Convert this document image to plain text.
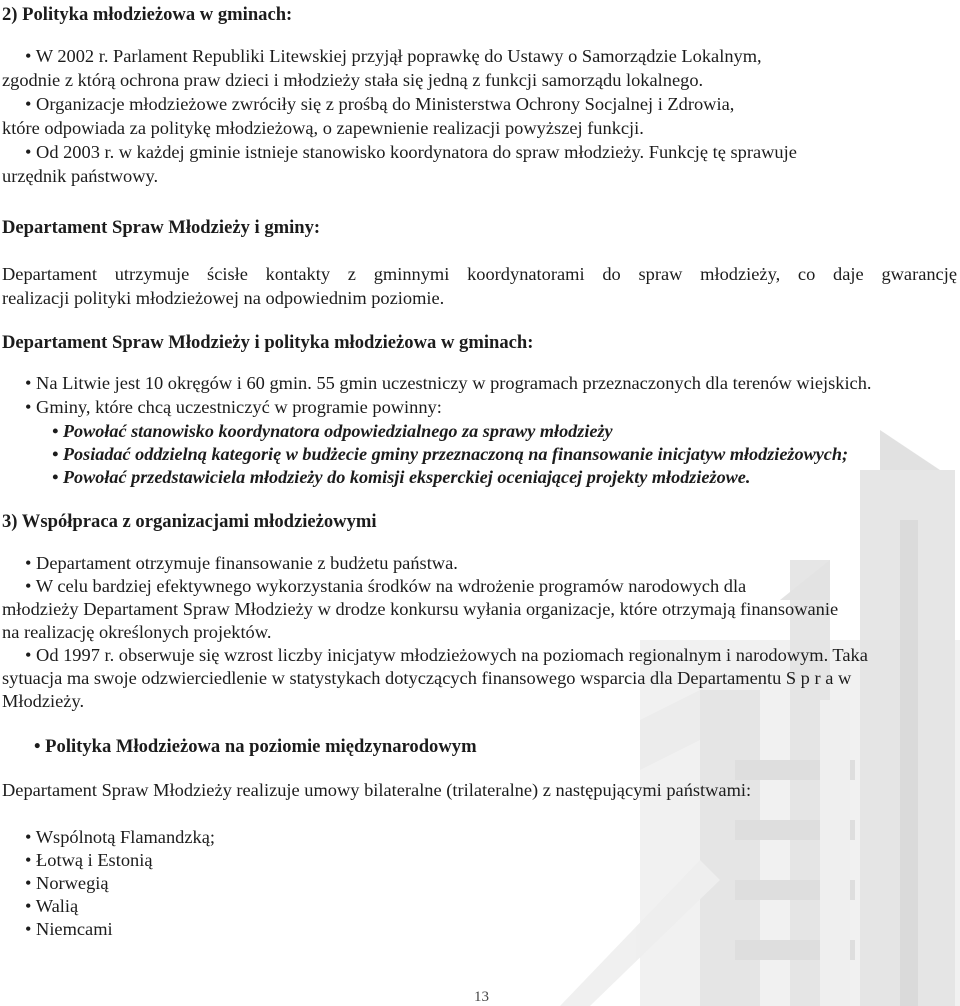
2) Polityka młodzieżowa w gminach:

• W 2002 r. Parlament Republiki Litewskiej przyjął poprawkę do Ustawy o Samorządzie Lokalnym,

zgodnie z którą ochrona praw dzieci i młodzieży stała się jedną z funkcji samorządu lokalnego.

• Organizacje młodzieżowe zwróciły się z prośbą do Ministerstwa Ochrony Socjalnej i Zdrowia,

które odpowiada za politykę młodzieżową, o zapewnienie realizacji powyższej funkcji.

• Od 2003 r. w każdej gminie istnieje stanowisko koordynatora do spraw młodzieży. Funkcję tę sprawuje

urzędnik państwowy.

Departament Spraw Młodzieży i gminy:

Departament utrzymuje ścisłe kontakty z gminnymi koordynatorami do spraw młodzieży, co daje gwarancję

realizacji polityki młodzieżowej na odpowiednim poziomie.

Departament Spraw Młodzieży i polityka młodzieżowa w gminach:

• Na Litwie jest 10 okręgów i 60 gmin. 55 gmin uczestniczy w programach przeznaczonych dla terenów wiejskich.

• Gminy, które chcą uczestniczyć w programie powinny:

• Powołać stanowisko koordynatora odpowiedzialnego za sprawy młodzieży

• Posiadać oddzielną kategorię w budżecie gminy przeznaczoną na finansowanie inicjatyw młodzieżowych;

• Powołać przedstawiciela młodzieży do komisji eksperckiej oceniającej projekty młodzieżowe.

3) Współpraca z organizacjami młodzieżowymi

• Departament otrzymuje finansowanie z budżetu państwa.

• W celu bardziej efektywnego wykorzystania środków na wdrożenie programów narodowych dla

młodzieży Departament Spraw Młodzieży w drodze konkursu wyłania organizacje, które otrzymają finansowanie

na realizację określonych projektów.

• Od 1997 r. obserwuje się wzrost liczby inicjatyw młodzieżowych na poziomach regionalnym i narodowym. Taka

sytuacja ma swoje odzwierciedlenie w statystykach dotyczących finansowego wsparcia dla Departamentu S p r a w

Młodzieży.

• Polityka Młodzieżowa na poziomie międzynarodowym

Departament Spraw Młodzieży realizuje umowy bilateralne (trilateralne) z następującymi państwami:

• Wspólnotą Flamandzką;

• Łotwą i Estonią

• Norwegią

• Walią

• Niemcami

13
